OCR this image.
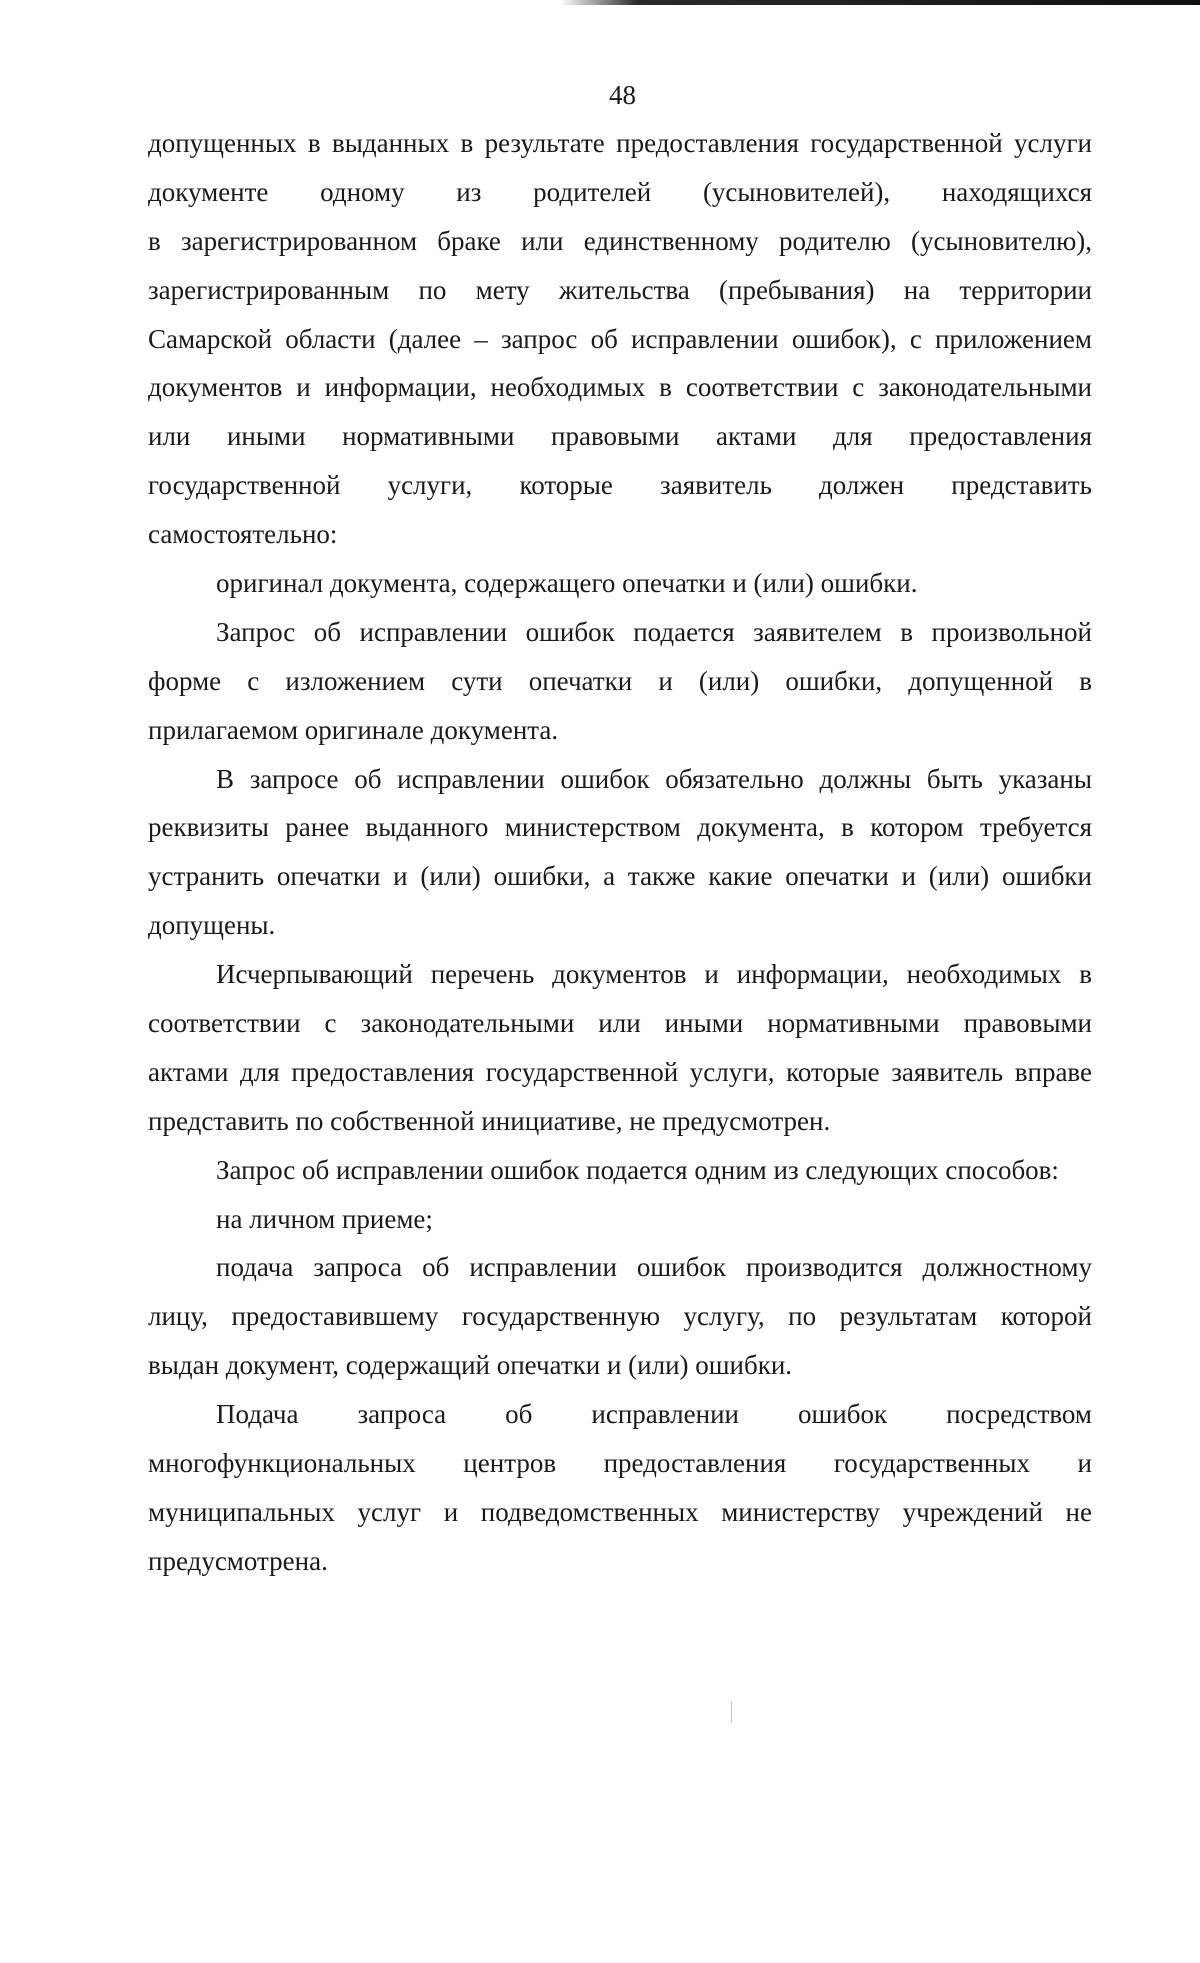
48
допущенных в выданных в результате предоставления государственной услуги
документе одному из родителей (усыновителей), находящихся
в зарегистрированном браке или единственному родителю (усыновителю),
зарегистрированным по мету жительства (пребывания) на территории
Самарской области (далее – запрос об исправлении ошибок), с приложением
документов и информации, необходимых в соответствии с законодательными
или иными нормативными правовыми актами для предоставления
государственной услуги, которые заявитель должен представить
самостоятельно:
оригинал документа, содержащего опечатки и (или) ошибки.
Запрос об исправлении ошибок подается заявителем в произвольной
форме с изложением сути опечатки и (или) ошибки, допущенной в
прилагаемом оригинале документа.
В запросе об исправлении ошибок обязательно должны быть указаны
реквизиты ранее выданного министерством документа, в котором требуется
устранить опечатки и (или) ошибки, а также какие опечатки и (или) ошибки
допущены.
Исчерпывающий перечень документов и информации, необходимых в
соответствии с законодательными или иными нормативными правовыми
актами для предоставления государственной услуги, которые заявитель вправе
представить по собственной инициативе, не предусмотрен.
Запрос об исправлении ошибок подается одним из следующих способов:
на личном приеме;
подача запроса об исправлении ошибок производится должностному
лицу, предоставившему государственную услугу, по результатам которой
выдан документ, содержащий опечатки и (или) ошибки.
Подача запроса об исправлении ошибок посредством
многофункциональных центров предоставления государственных и
муниципальных услуг и подведомственных министерству учреждений не
предусмотрена.
